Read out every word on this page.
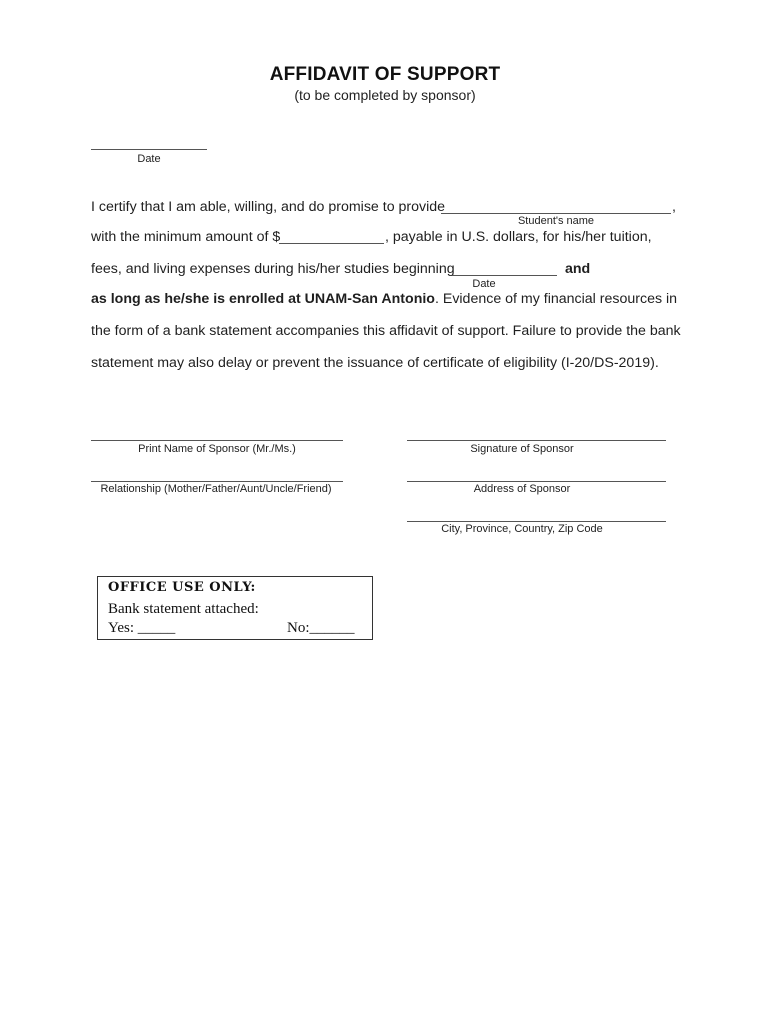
AFFIDAVIT OF SUPPORT
(to be completed by sponsor)
Date
I certify that I am able, willing, and do promise to provide	,
Student's name
with the minimum amount of $	, payable in U.S. dollars, for his/her tuition,
fees, and living expenses during his/her studies beginning	and
Date
as long as he/she is enrolled at UNAM-San Antonio. Evidence of my financial resources in
the form of a bank statement accompanies this affidavit of support. Failure to provide the bank
statement may also delay or prevent the issuance of certificate of eligibility (I-20/DS-2019).
Print Name of Sponsor (Mr./Ms.)	Signature of Sponsor
Relationship (Mother/Father/Aunt/Uncle/Friend)	Address of Sponsor
City, Province, Country, Zip Code
OFFICE USE ONLY:
Bank statement attached:
Yes: _____	No:______
